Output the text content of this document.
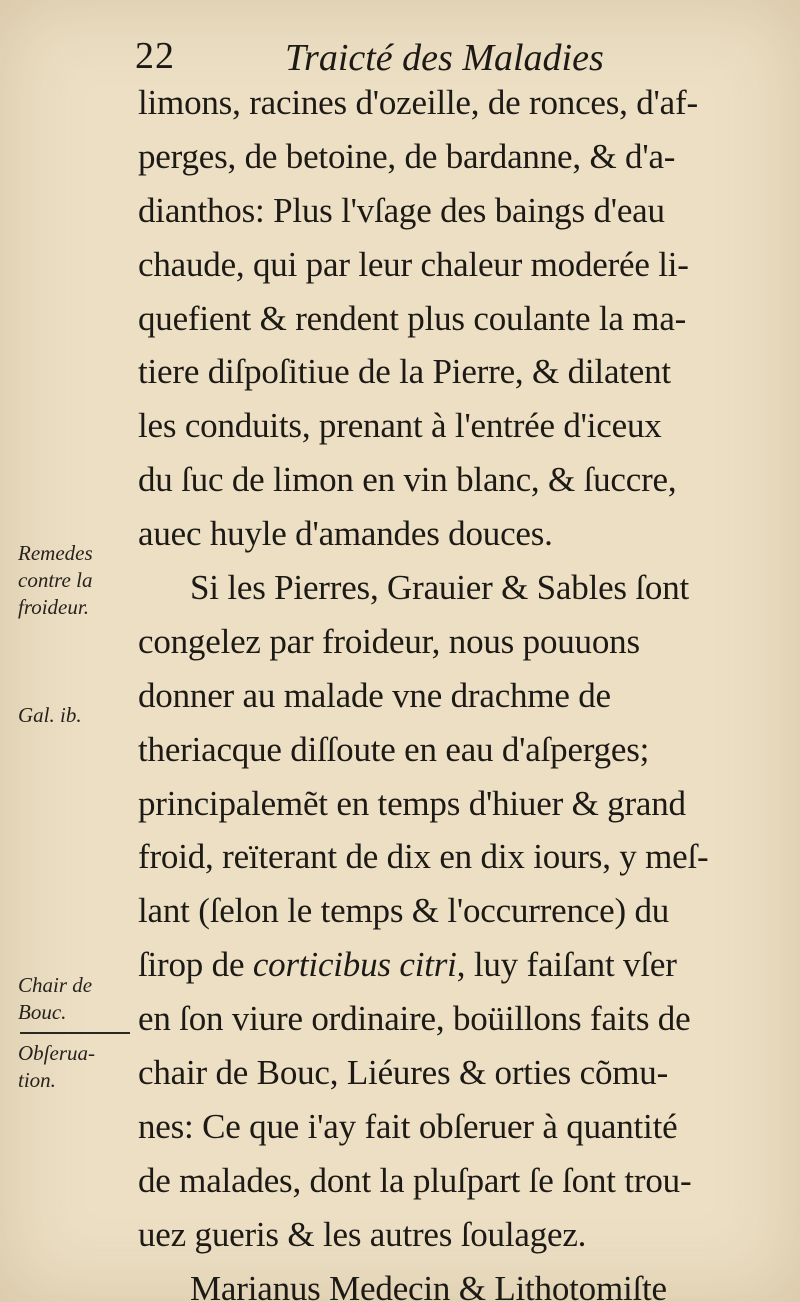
22	Traicté des Maladies
limons, racines d'ozeille, de ronces, d'af-
perges, de betoine, de bardanne, & d'a-
dianthos: Plus l'vſage des baings d'eau
chaude, qui par leur chaleur moderée li-
quefient & rendent plus coulante la ma-
tiere diſpoſitiue de la Pierre, & dilatent
les conduits, prenant à l'entrée d'iceux
du ſuc de limon en vin blanc, & ſuccre,
auec huyle d'amandes douces.
Si les Pierres, Grauier & Sables ſont
congelez par froideur, nous pouuons
donner au malade vne drachme de
theriacque diſſoute en eau d'aſperges;
principalemẽt en temps d'hiuer & grand
froid, reïterant de dix en dix iours, y meſ-
lant (ſelon le temps & l'occurrence) du
ſirop de corticibus citri, luy faiſant vſer
en ſon viure ordinaire, boüillons faits de
chair de Bouc, Liéures & orties cõmu-
nes: Ce que i'ay fait obſeruer à quantité
de malades, dont la pluſpart ſe ſont trou-
uez gueris & les autres ſoulagez.
Marianus Medecin & Lithotomiſte
Remedes
contre la
froideur.
Gal. ib.
Chair de
Bouc.
Obſerua-
tion.
